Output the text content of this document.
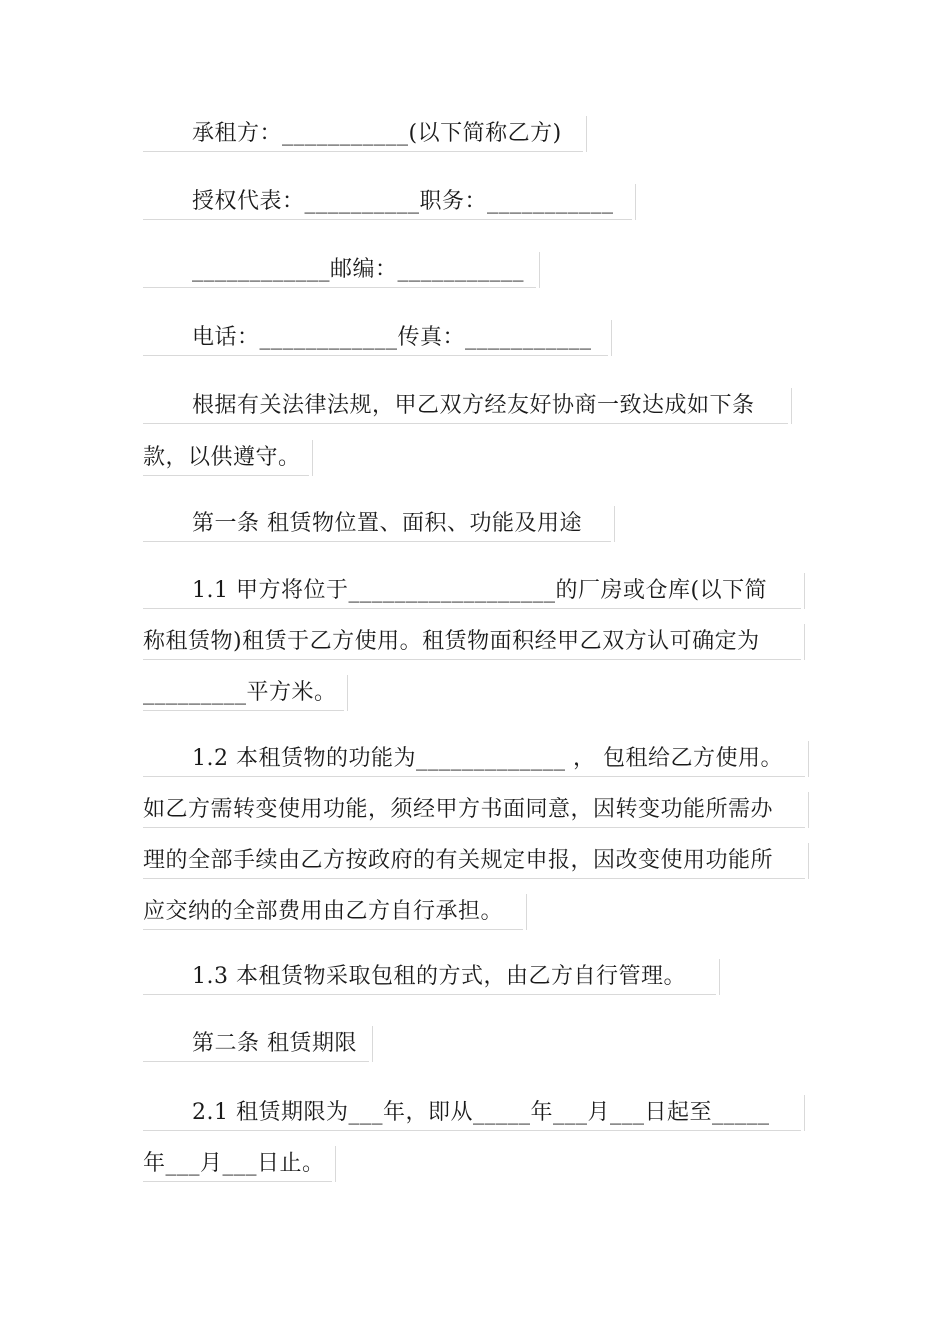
承租方：___________(以下简称乙方)
授权代表：__________职务：___________
____________邮编：___________
电话：____________传真：___________
根据有关法律法规，甲乙双方经友好协商一致达成如下条
款，以供遵守。
第一条 租赁物位置、面积、功能及用途
1.1 甲方将位于__________________的厂房或仓库(以下简
称租赁物)租赁于乙方使用。租赁物面积经甲乙双方认可确定为
_________平方米。
1.2 本租赁物的功能为_____________ ， 包租给乙方使用。
如乙方需转变使用功能，须经甲方书面同意，因转变功能所需办
理的全部手续由乙方按政府的有关规定申报，因改变使用功能所
应交纳的全部费用由乙方自行承担。
1.3 本租赁物采取包租的方式，由乙方自行管理。
第二条 租赁期限
2.1 租赁期限为___年，即从_____年___月___日起至_____
年___月___日止。
